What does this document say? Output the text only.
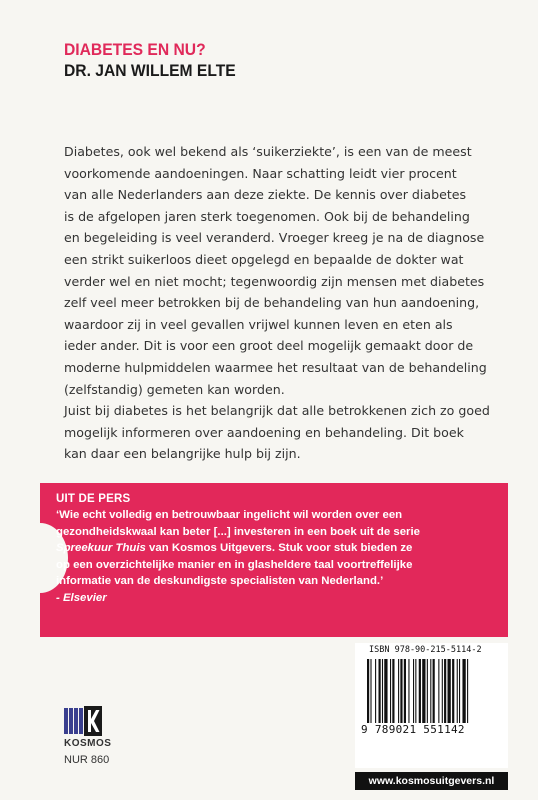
DIABETES EN NU?
DR. JAN WILLEM ELTE

Diabetes, ook wel bekend als ‘suikerziekte’, is een van de meest
voorkomende aandoeningen. Naar schatting leidt vier procent
van alle Nederlanders aan deze ziekte. De kennis over diabetes
is de afgelopen jaren sterk toegenomen. Ook bij de behandeling
en begeleiding is veel veranderd. Vroeger kreeg je na de diagnose
een strikt suikerloos dieet opgelegd en bepaalde de dokter wat
verder wel en niet mocht; tegenwoordig zijn mensen met diabetes
zelf veel meer betrokken bij de behandeling van hun aandoening,
waardoor zij in veel gevallen vrijwel kunnen leven en eten als
ieder ander. Dit is voor een groot deel mogelijk gemaakt door de
moderne hulpmiddelen waarmee het resultaat van de behandeling
(zelfstandig) gemeten kan worden.

Juist bij diabetes is het belangrijk dat alle betrokkenen zich zo goed
mogelijk informeren over aandoening en behandeling. Dit boek
kan daar een belangrijke hulp bij zijn.

UIT DE PERS
‘Wie echt volledig en betrouwbaar ingelicht wil worden over een
gezondheidskwaal kan beter [...] investeren in een boek uit de serie
Spreekuur Thuis van Kosmos Uitgevers. Stuk voor stuk bieden ze
op een overzichtelijke manier en in glasheldere taal voortreffelijke
informatie van de deskundigste specialisten van Nederland.’
- Elsevier
KOSMOS
NUR 860
ISBN 978-90-215-5114-2
9 789021 551142
www.kosmosuitgevers.nl
